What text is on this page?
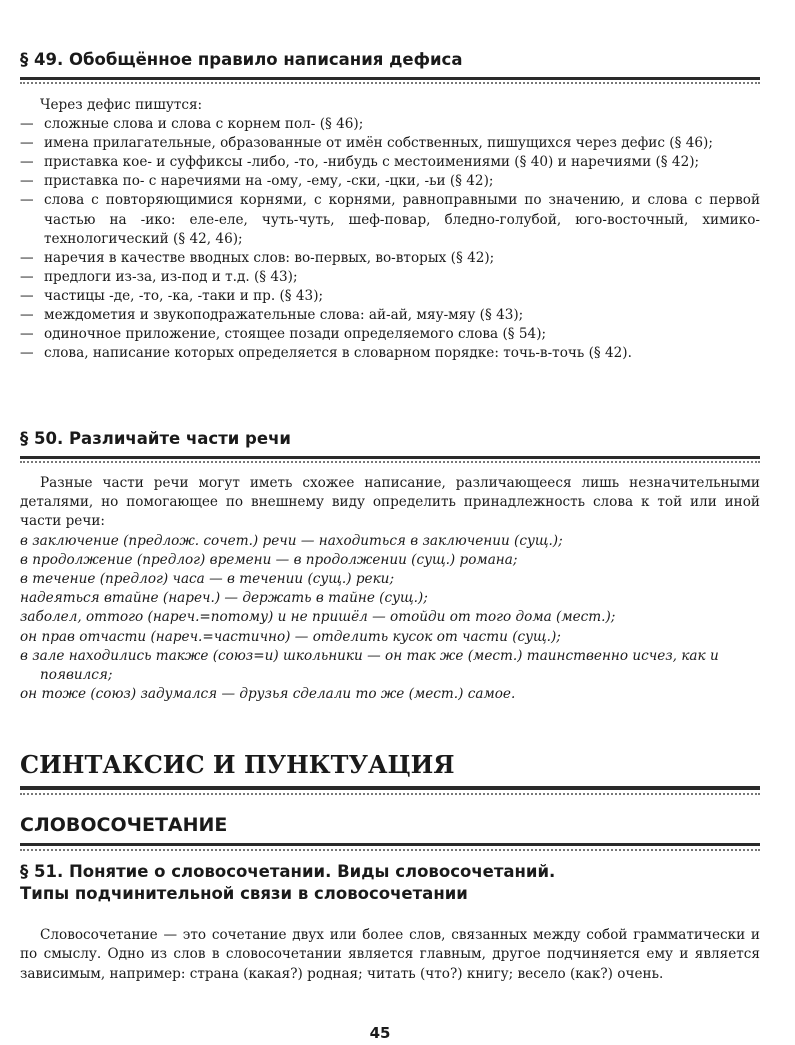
§ 49. Обобщённое правило написания дефиса
Через дефис пишутся:
— сложные слова и слова с корнем пол- (§ 46);
— имена прилагательные, образованные от имён собственных, пишущихся через дефис (§ 46);
— приставка кое- и суффиксы -либо, -то, -нибудь с местоимениями (§ 40) и наречиями (§ 42);
— приставка по- с наречиями на -ому, -ему, -ски, -цки, -ьи (§ 42);
— слова с повторяющимися корнями, с корнями, равноправными по значению, и слова с первой частью на -ико: еле-еле, чуть-чуть, шеф-повар, бледно-голубой, юго-восточный, химико-технологический (§ 42, 46);
— наречия в качестве вводных слов: во-первых, во-вторых (§ 42);
— предлоги из-за, из-под и т.д. (§ 43);
— частицы -де, -то, -ка, -таки и пр. (§ 43);
— междометия и звукоподражательные слова: ай-ай, мяу-мяу (§ 43);
— одиночное приложение, стоящее позади определяемого слова (§ 54);
— слова, написание которых определяется в словарном порядке: точь-в-точь (§ 42).
§ 50. Различайте части речи

Разные части речи могут иметь схожее написание, различающееся лишь незначительными деталями, но помогающее по внешнему виду определить принадлежность слова к той или иной части речи:

в заключение (предлож. сочет.) речи — находиться в заключении (сущ.);
в продолжение (предлог) времени — в продолжении (сущ.) романа;
в течение (предлог) часа — в течении (сущ.) реки;
надеяться втайне (нареч.) — держать в тайне (сущ.);
заболел, оттого (нареч.=потому) и не пришёл — отойди от того дома (мест.);
он прав отчасти (нареч.=частично) — отделить кусок от части (сущ.);
в зале находились также (союз=и) школьники — он так же (мест.) таинственно исчез, как и появился;
он тоже (союз) задумался — друзья сделали то же (мест.) самое.
СИНТАКСИС И ПУНКТУАЦИЯ
СЛОВОСОЧЕТАНИЕ
§ 51. Понятие о словосочетании. Виды словосочетаний.
Типы подчинительной связи в словосочетании

Словосочетание — это сочетание двух или более слов, связанных между собой грамматически и по смыслу. Одно из слов в словосочетании является главным, другое подчиняется ему и является зависимым, например: страна (какая?) родная; читать (что?) книгу; весело (как?) очень.

45
